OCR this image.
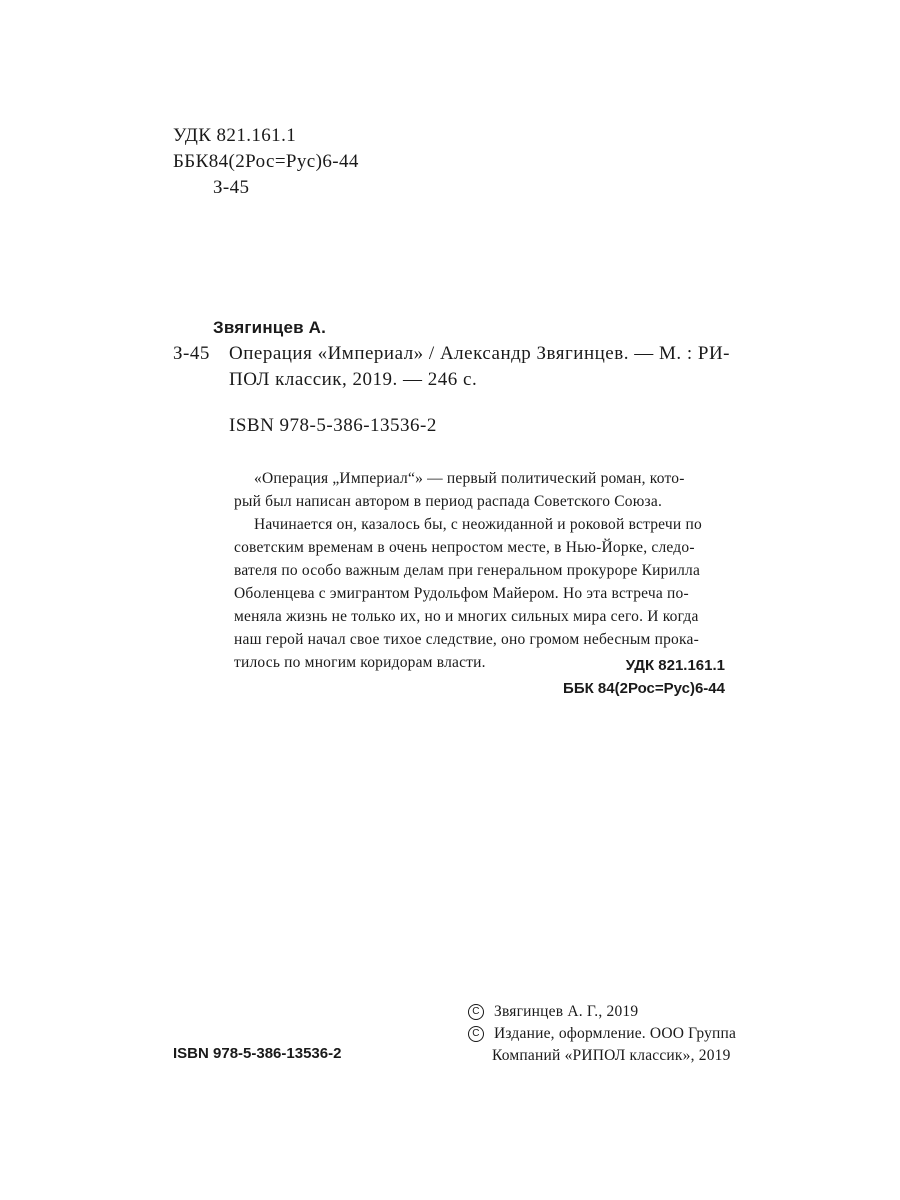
УДК 821.161.1
ББК84(2Рос=Рус)6-44
З-45
Звягинцев А.
З-45 Операция «Империал» / Александр Звягинцев. — М. : РИ-
ПОЛ классик, 2019. — 246 с.
ISBN 978-5-386-13536-2
«Операция „Империал“» — первый политический роман, кото-
рый был написан автором в период распада Советского Союза.
Начинается он, казалось бы, с неожиданной и роковой встречи по
советским временам в очень непростом месте, в Нью-Йорке, следо-
вателя по особо важным делам при генеральном прокуроре Кирилла
Оболенцева с эмигрантом Рудольфом Майером. Но эта встреча по-
меняла жизнь не только их, но и многих сильных мира сего. И когда
наш герой начал свое тихое следствие, оно громом небесным прока-
тилось по многим коридорам власти.	УДК 821.161.1
ББК 84(2Рос=Рус)6-44
ISBN 978-5-386-13536-2
C Звягинцев А. Г., 2019
C Издание, оформление. ООО Группа
Компаний «РИПОЛ классик», 2019
